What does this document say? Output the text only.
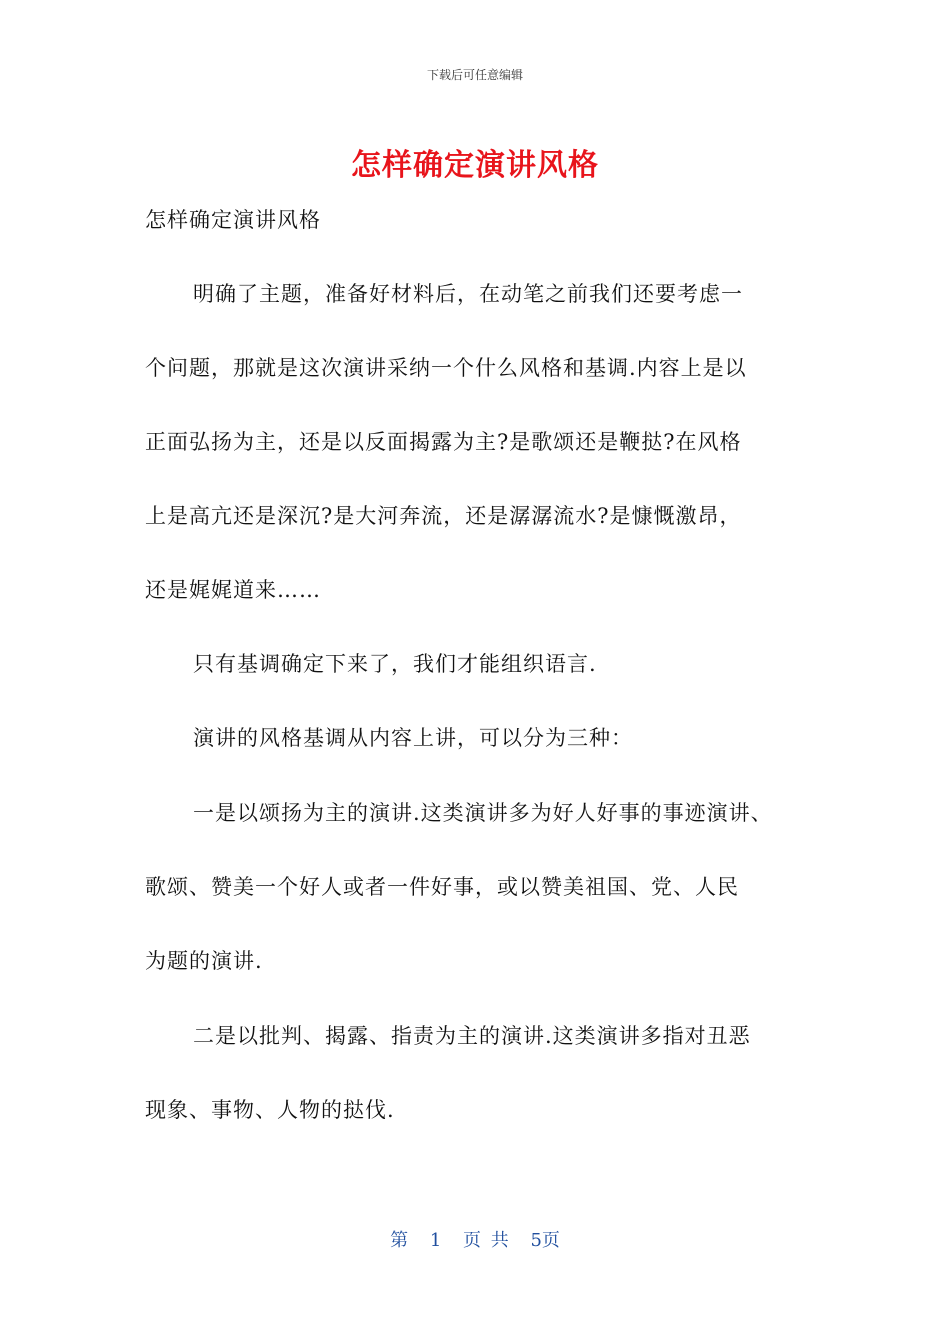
下载后可任意编辑
怎样确定演讲风格
怎样确定演讲风格
明确了主题，准备好材料后，在动笔之前我们还要考虑一
个问题，那就是这次演讲采纳一个什么风格和基调.内容上是以
正面弘扬为主，还是以反面揭露为主?是歌颂还是鞭挞?在风格
上是高亢还是深沉?是大河奔流，还是潺潺流水?是慷慨激昂，
还是娓娓道来……
只有基调确定下来了，我们才能组织语言.
演讲的风格基调从内容上讲，可以分为三种：
一是以颂扬为主的演讲.这类演讲多为好人好事的事迹演讲、
歌颂、赞美一个好人或者一件好事，或以赞美祖国、党、人民
为题的演讲.
二是以批判、揭露、指责为主的演讲.这类演讲多指对丑恶
现象、事物、人物的挞伐.
第 1 页 共 5页
